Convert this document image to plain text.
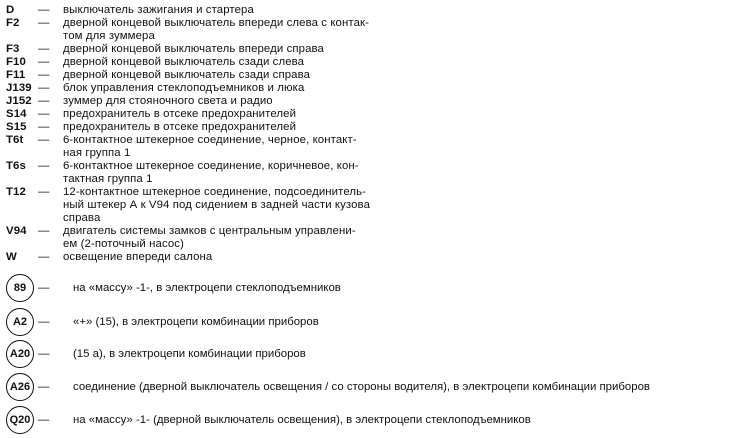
D — выключатель зажигания и стартера
F2 — дверной концевой выключатель впереди слева с контак-
том для зуммера
F3 — дверной концевой выключатель впереди справа
F10 — дверной концевой выключатель сзади слева
F11 — дверной концевой выключатель сзади справа
J139 — блок управления стеклоподъемников и люка
J152 — зуммер для стояночного света и радио
S14 — предохранитель в отсеке предохранителей
S15 — предохранитель в отсеке предохранителей
T6t — 6-контактное штекерное соединение, черное, контакт-
ная группа 1
T6s — 6-контактное штекерное соединение, коричневое, кон-
тактная группа 1
T12 — 12-контактное штекерное соединение, подсоединитель-
ный штекер А к V94 под сидением в задней части кузова
справа
V94 — двигатель системы замков с центральным управлени-
ем (2-поточный насос)
W — освещение впереди салона
89	— на «массу» -1-, в электроцепи стеклоподъемников
A2 — «+» (15), в электроцепи комбинации приборов
A20 — (15 а), в электроцепи комбинации приборов
A26 — соединение (дверной выключатель освещения / со стороны водителя), в электроцепи комбинации приборов
Q20 — на «массу» -1- (дверной выключатель освещения), в электроцепи стеклоподъемников
